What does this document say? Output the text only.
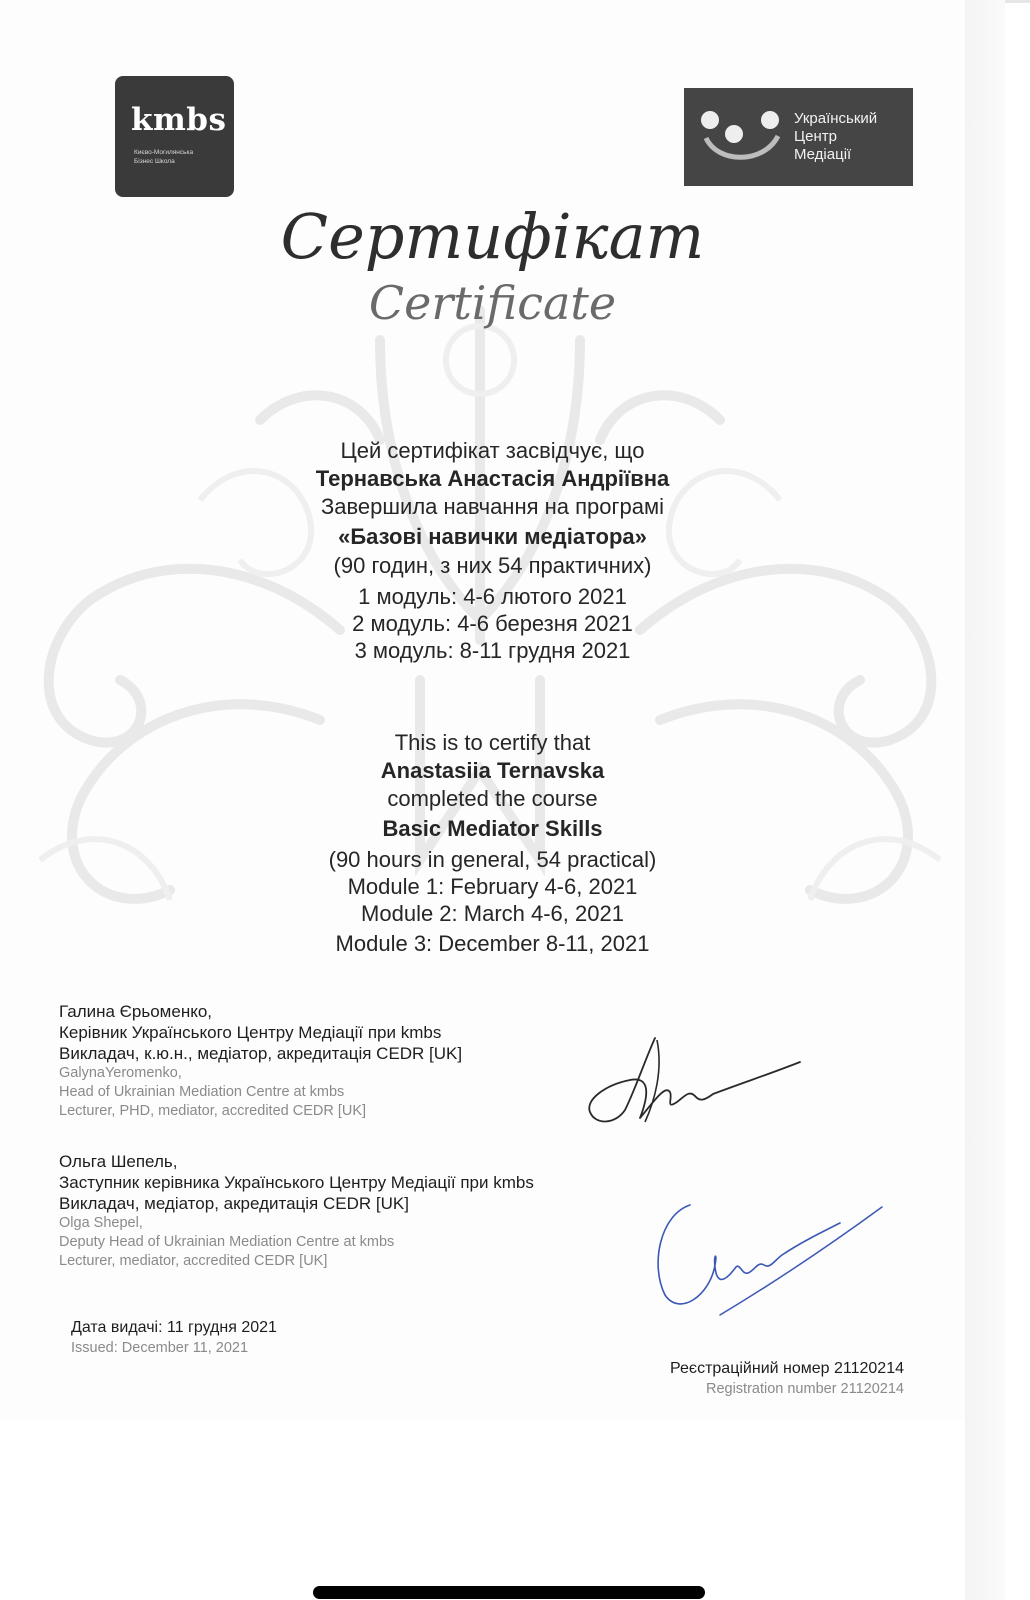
kmbs
Києво-Могилянська
Бізнес Школа
Український
Центр
Медіації
Сертифікат
Certificate
Цей сертифікат засвідчує, що
Тернавська Анастасія Андріївна
Завершила навчання на програмі
«Базові навички медіатора»
(90 годин, з них 54 практичних)
1 модуль: 4-6 лютого 2021
2 модуль: 4-6 березня 2021
3 модуль: 8-11 грудня 2021
This is to certify that
Anastasiia Ternavska
completed the course
Basic Mediator Skills
(90 hours in general, 54 practical)
Module 1: February 4-6, 2021
Module 2: March 4-6, 2021
Module 3: December 8-11, 2021
Галина Єрьоменко,
Керівник Українського Центру Медіації при kmbs
Викладач, к.ю.н., медіатор, акредитація CEDR [UK]
GalynaYeromenko,
Head of Ukrainian Mediation Centre at kmbs
Lecturer, PHD, mediator, accredited CEDR [UK]
Ольга Шепель,
Заступник керівника Українського Центру Медіації при kmbs
Викладач, медіатор, акредитація CEDR [UK]
Olga Shepel,
Deputy Head of Ukrainian Mediation Centre at kmbs
Lecturer, mediator, accredited CEDR [UK]
Дата видачі: 11 грудня 2021
Issued: December 11, 2021
Реєстраційний номер 21120214
Registration number 21120214
